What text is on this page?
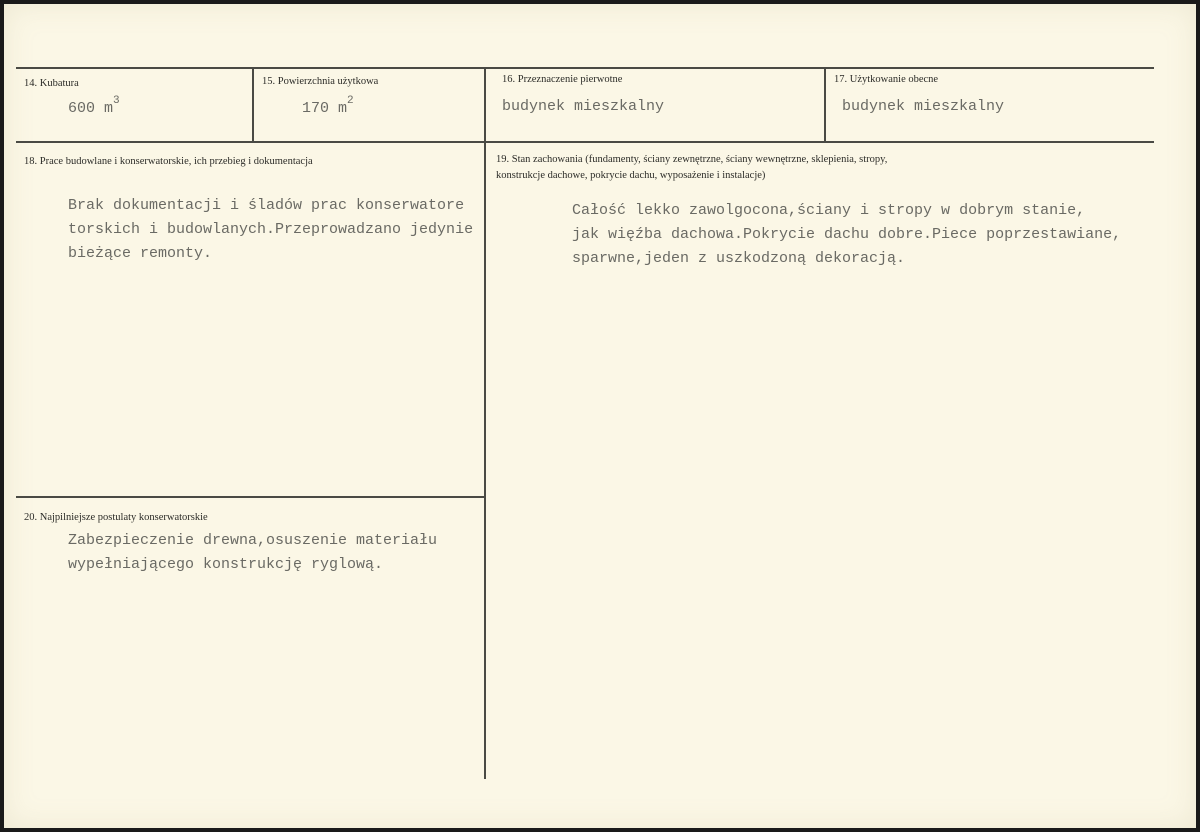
14. Kubatura
600 $m^3$
15. Powierzchnia użytkowa
170 $m^2$
16. Przeznaczenie pierwotne
budynek mieszkalny
17. Użytkowanie obecne
budynek mieszkalny
18. Prace budowlane i konserwatorskie, ich przebieg i dokumentacja
Brak dokumentacji i śladów prac konserwatore
torskich i budowlanych.Przeprowadzano jedynie
bieżące remonty.
19. Stan zachowania (fundamenty, ściany zewnętrzne, ściany wewnętrzne, sklepienia, stropy,
konstrukcje dachowe, pokrycie dachu, wyposażenie i instalacje)
Całość lekko zawolgocona,ściany i stropy w dobrym stanie,
jak więźba dachowa.Pokrycie dachu dobre.Piece poprzestawiane,
sparwne,jeden z uszkodzoną dekoracją.
20. Najpilniejsze postulaty konserwatorskie
Zabezpieczenie drewna,osuszenie materiału
wypełniającego konstrukcję ryglową.
